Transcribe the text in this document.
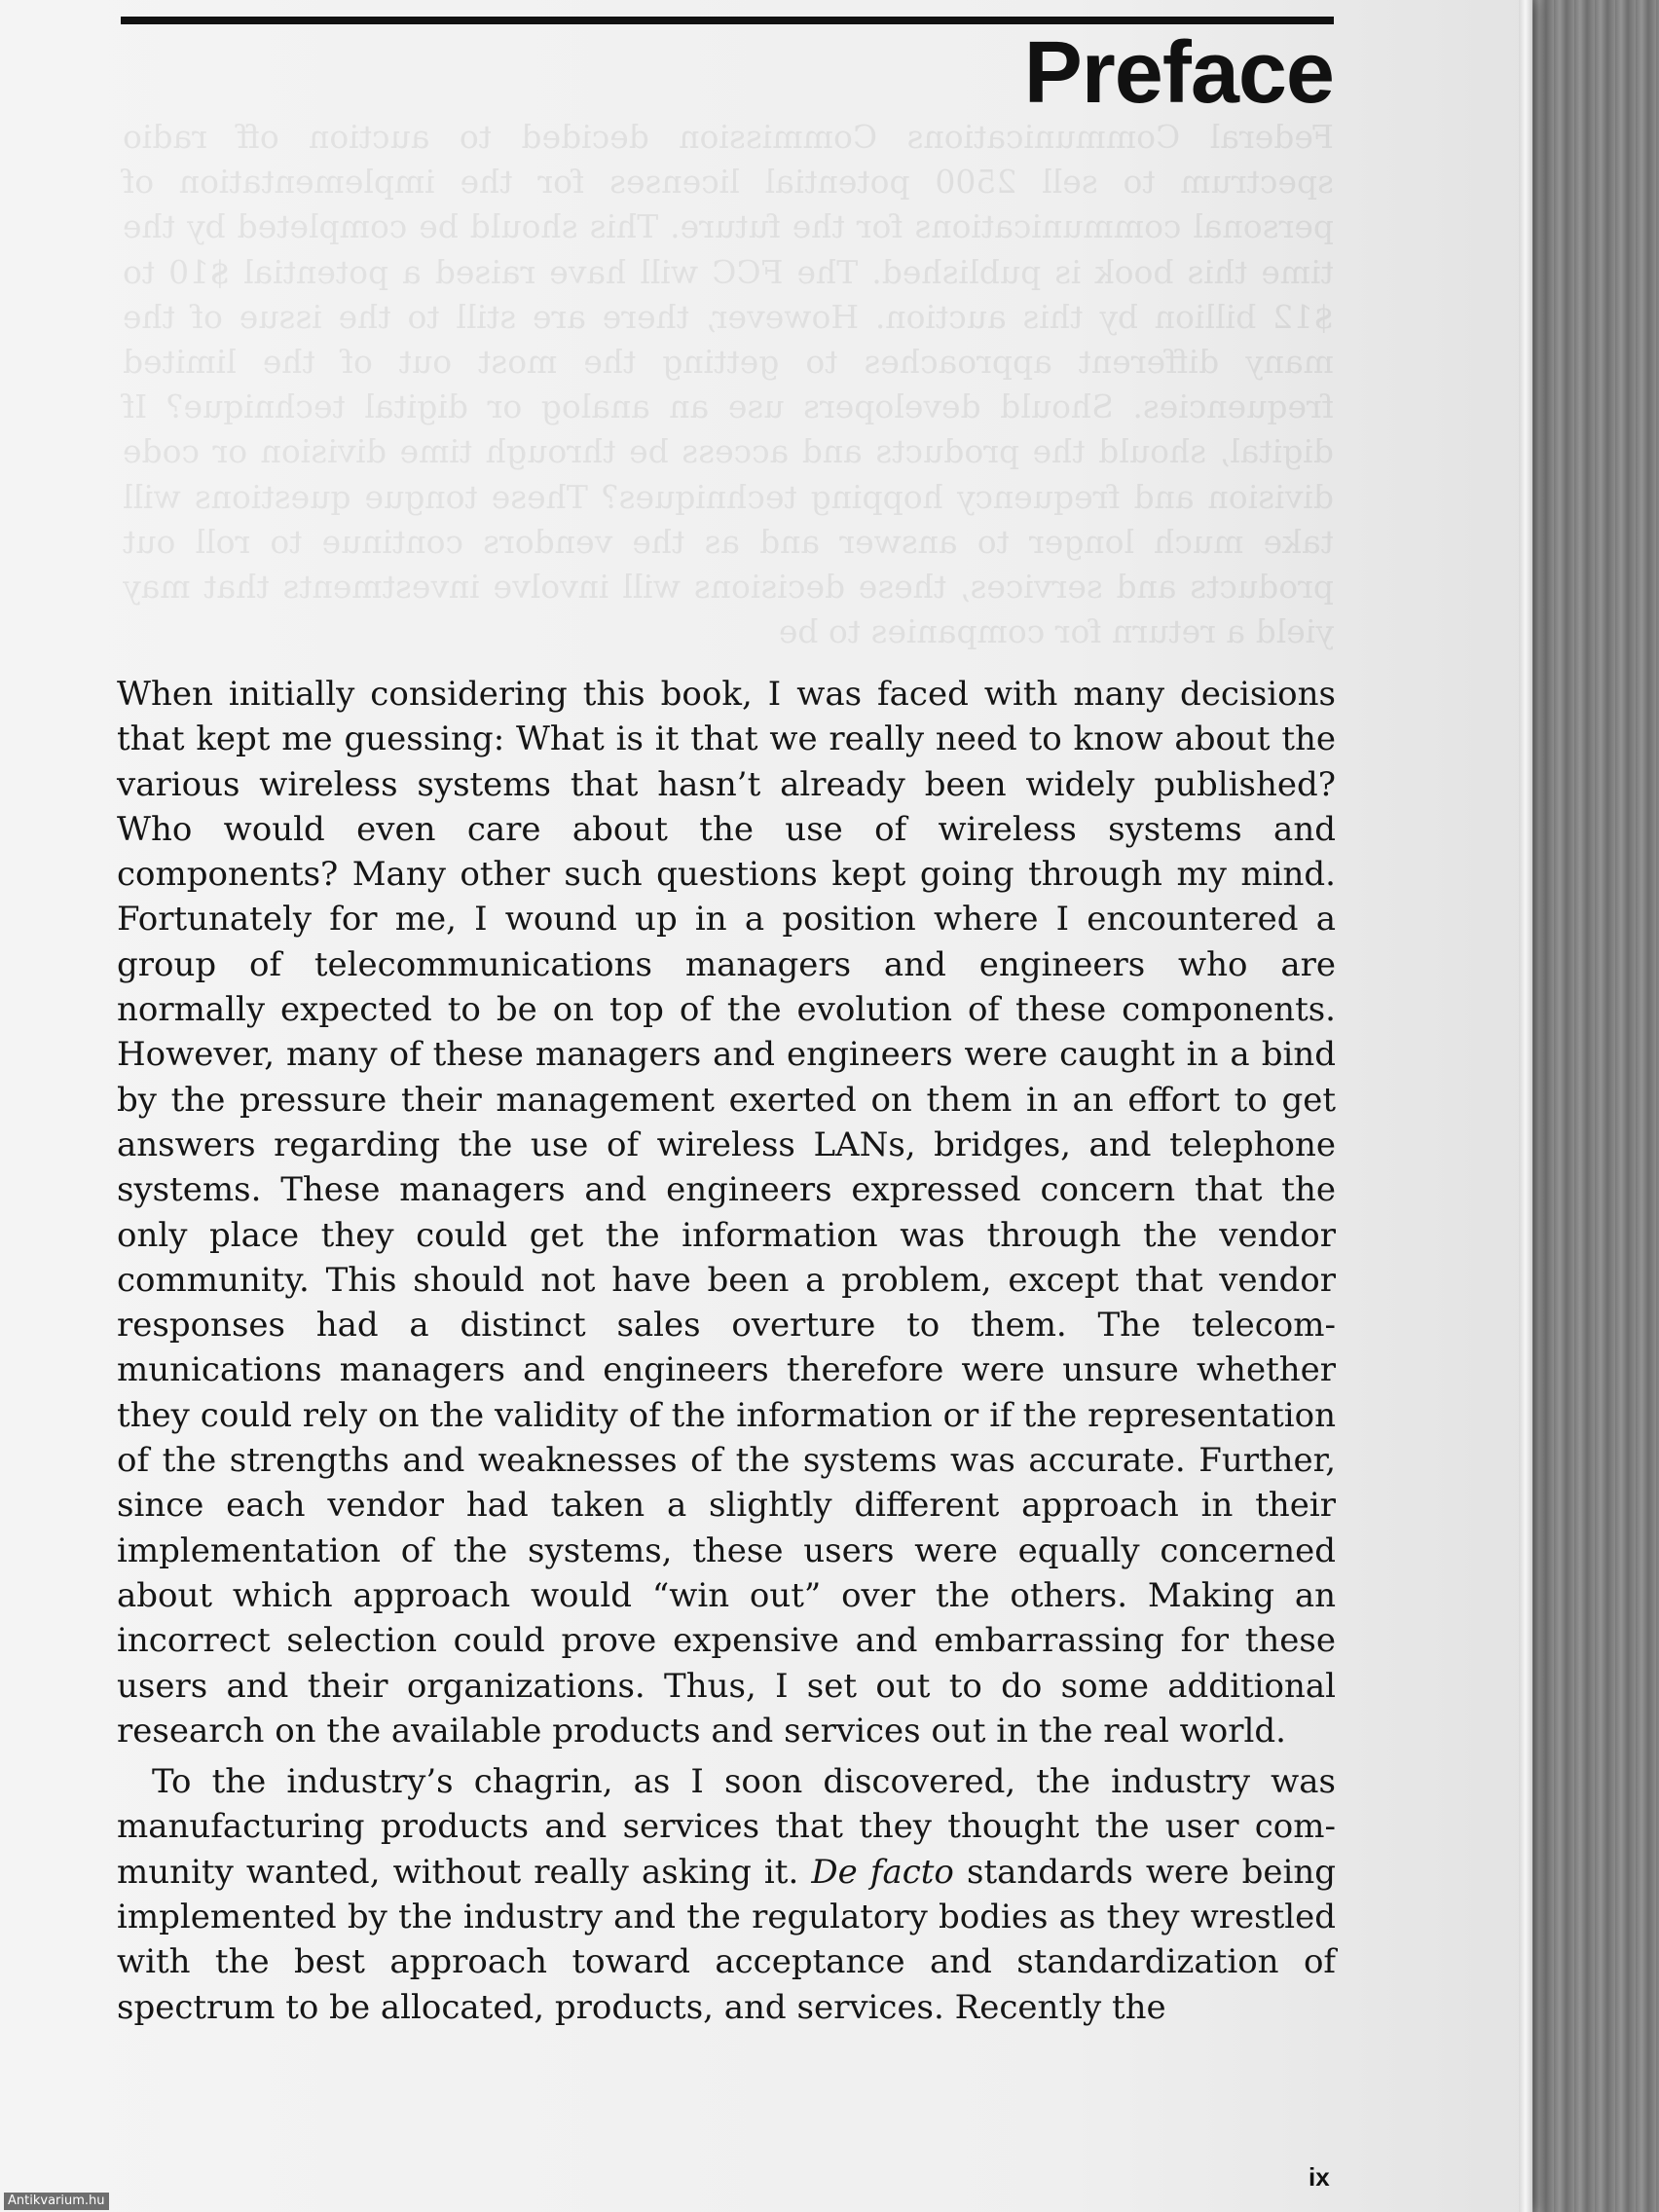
Federal Communications Commission decided to auction off radio spectrum to sell 2500 potential licenses for the implementation of personal communications for the future. This should be completed by the time this book is published. The FCC will have raised a potential $10 to $12 billion by this auction. However, there are still to the issue of the many different approaches to getting the most out of the limited frequencies. Should developers use an analog or digital technique? If digital, should the products and access be through time division or code division and frequency hopping techniques? These tongue questions will take much longer to answer and as the vendors continue to roll out products and services, these decisions will involve investments that may yield a return for companies to be

Preface

When initially considering this book, I was faced with many decisions that kept me guessing: What is it that we really need to know about the various wireless systems that hasn’t already been widely published? Who would even care about the use of wireless systems and components? Many other such questions kept going through my mind. Fortunately for me, I wound up in a position where I encountered a group of telecommunications managers and engineers who are normally expected to be on top of the evolution of these components. However, many of these managers and engineers were caught in a bind by the pressure their management exerted on them in an effort to get answers regarding the use of wireless LANs, bridges, and telephone systems. These managers and engineers expressed concern that the only place they could get the information was through the vendor community. This should not have been a problem, except that vendor responses had a distinct sales overture to them. The telecommunications managers and engineers therefore were unsure whether they could rely on the validity of the information or if the representation of the strengths and weaknesses of the systems was accurate. Further, since each vendor had taken a slightly different approach in their implementation of the systems, these users were equally concerned about which approach would “win out” over the others. Making an incorrect selection could prove expensive and embarrassing for these users and their organizations. Thus, I set out to do some additional research on the available products and services out in the real world.

To the industry’s chagrin, as I soon discovered, the industry was manufacturing products and services that they thought the user community wanted, without really asking it. De facto standards were being implemented by the industry and the regulatory bodies as they wrestled with the best approach toward acceptance and standardization of spectrum to be allocated, products, and services. Recently the

ix
Antikvarium.hu
